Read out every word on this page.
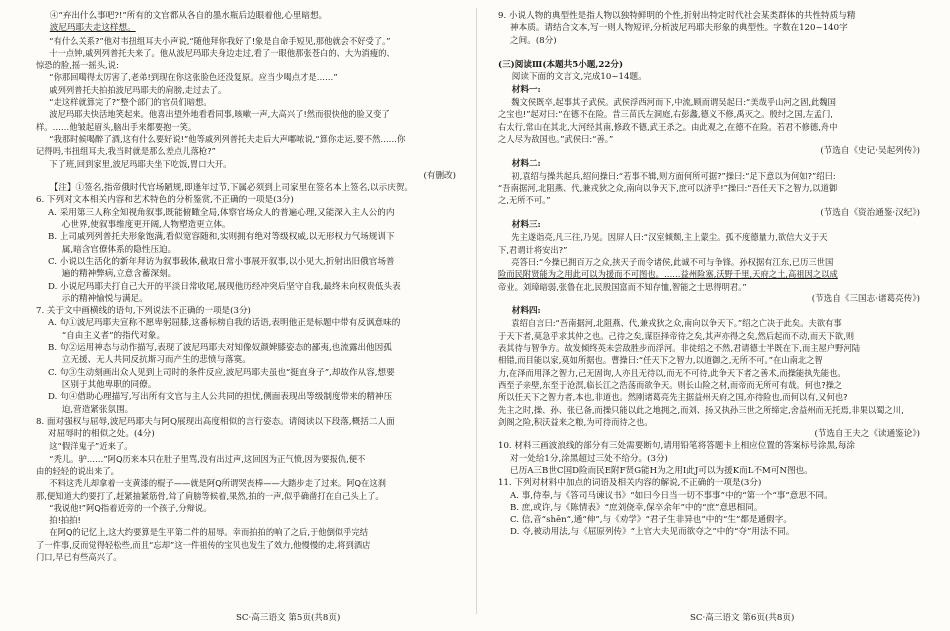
④“弃出什么事吧?!”所有的文官都从各自的墨水瓶后边眼着他,心里暗想。

波尼玛耶夫走这样想。

“有什么关系?”他对韦扭组耳夫小声说,“随他拜你我好了!象是自命手短见,那他就会不好受了。”

十一点钟,戚列列普托夫来了。他从波尼玛耶夫身边走过,看了一眼他那张苍白的、大为消瘦的、

惊恐的脸,摇一摇头,说:

“你那回噶得太厉害了,老弟!到现在你这张脸色还没复原。应当少喝点才是……”

戚列列普托夫拍拍波尼玛耶夫的肩膀,走过去了。

“走这样就算完了?”整个部门的官员们暗想。

波尼玛耶夫快活地笑起来。他喜出望外地看看同事,咳嗽一声,大高兴了!然而很快他的脸又变了

样。……他皱起眉头,脑出手来都要抱一笑。

“我那时候喝醉了酒,这有什么要好说!”他等戚列列普托夫走后大声嘟哝说,“算你走运,要不然……你

记得吗,韦扭组耳夫,我当时就是那么差点儿落枪?”

下了班,回到家里,波尼玛耶夫坐下吃饭,胃口大开。

(有删改)

【注】①签名,指帝俄时代官场陋规,即逢年过节,下属必须到上司家里在签名本上签名,以示庆贺。

6. 下列对文本相关内容和艺术特色的分析鉴赏,不正确的一项是(3分)

A. 采用第三人称全知视角叙事,既能俯瞰全局,体察官场众人的普遍心理,又能深入主人公的内

心世界,使叙事维度更开阔,人物塑造更立体。

B. 上司戚列列普托夫形象饱满,看似宽容随和,实则拥有绝对等级权威,以无形权力气场规训下

属,暗含官僚体系的隐性压迫。

C. 小说以生活化的新年拜访为叙事载体,截取日常小事展开叙事,以小见大,折射出旧俄官场普

遍的精神弊病,立意含蓄深刻。

D. 小说尼玛耶夫打自己大开的平淡日常收尾,展现他历经冲突后坚守自我,最终未向权贵低头表

示的精神愉悦与满足。

7. 关于文中画横线的语句,下列说法不正确的一项是(3分)

A. 句①波尼玛耶夫宣称不愿卑躬屈膝,这番标榜自我的话语,表明他正是标题中带有反讽意味的

“自由主义者”的指代对象。

B. 句②运用神态与动作描写,表现了波尼玛耶夫对知像奴颜婢膝姿态的鄙夷,也流露出他因孤

立无援、无人共同反抗斯习而产生的悲愤与落寞。

C. 句③生动刻画出众人见到上司时的条件反应,波尼玛耶夫虽也“挺直身子”,却故作从容,想要

区别于其他卑职的同僚。

D. 句④借助心理描写,写出所有文官与主人公共同的担忧,侧面表现出等级制度带来的精神压

迫,营造紧张氛围。

8. 面对强权与屈辱,波尼玛耶夫与阿Q展现出高度相似的言行姿态。请阅读以下段落,概括二人面

对屈辱时的相似之处。(4分)

这“假洋鬼子”近来了。

“秃儿。驴……”阿Q历来本只在肚子里骂,没有出过声,这回因为正气愤,因为要报仇,便不

由的轻轻的说出来了。

不料这秃儿却拿着一支黄漆的棍子——就是阿Q所谓哭丧棒——大踏步走了过来。阿Q在这刹

那,便知道大约要打了,赶紧抽紧筋骨,耸了肩膀等候着,果然,拍的一声,似乎确凿打在自己头上了。

“我说他!”阿Q指着近旁的一个孩子,分辩说。

拍!拍拍!

在阿Q的记忆上,这大约要算是生平第二件的屈辱。幸而拍拍的响了之后,于他倒似乎完结

了一件事,反而觉得轻松些,而且“忘却”这一件祖传的宝贝也发生了效力,他慢慢的走,将到酒店

门口,早已有些高兴了。

9. 小说人物的典型性是指人物以独特鲜明的个性,折射出特定时代社会某类群体的共性特质与精

神本质。请结合文本,写一则人物短评,分析波尼玛耶夫形象的典型性。字数在120~140字

之间。(8分)

(三)阅读Ⅲ(本题共5小题,22分)

阅读下面的文言文,完成10~14题。

材料一:

魏文侯既卒,起事其子武侯。武侯浮西河而下,中流,顾而谓吴起曰:“美哉乎山河之固,此魏国

之宝也!”起对曰:“在德不在险。昔三苗氏左洞庭,右彭蠡,德义不修,禹灭之。殷纣之国,左孟门,

右太行,常山在其北,大河经其南,修政不德,武王杀之。由此观之,在德不在险。若君不修德,舟中

之人尽为敌国也。”武侯曰:“善。”

(节选自《史记·吴起列传》)

材料二:

初,袁绍与操共起兵,绍问操曰:“若事不辑,则方面何所可据?”操曰:“足下意以为何如?”绍曰:

“吾南据河,北阻燕、代,兼戎狄之众,南向以争天下,庶可以济乎!”操曰:“吾任天下之智力,以道御

之,无所不可。”

(节选自《资治通鉴·汉纪》)

材料三:

先主遂诣亮,凡三往,乃见。因屏人曰:“汉室倾颓,主上蒙尘。孤不度德量力,欲信大义于天

下,君谓计将安出?”

亮答曰:“今操已拥百万之众,挟天子而令诸侯,此诚不可与争锋。孙权据有江东,已历三世国

险而民附贤能为之用此可以为援而不可图也。……益州险塞,沃野千里,天府之土,高祖因之以成

帝业。刘璋暗弱,张鲁在北,民殷国富而不知存恤,智能之士思得明君。”

(节选自《三国志·诸葛亮传》)

材料四:

袁绍自言曰:“吾南据河,北阻燕、代,兼戎狄之众,南向以争天下。”绍之亡决于此矣。夫欲有事

于天下者,莫急乎求其仲之也。己待之矣,谋臣择帝待之矣,其声亦得之矣,然后起而不动,而天下欲,则

表其待与智争方。故发倾终英未尝敌胜步而浮河。非徒绍之不然,君请德士半既在下,而主屋户野河陆

相错,而目能以家,莫如所据也。曹操曰:“任天下之智力,以道御之,无所不可。”在山南北之智

力,在泽而用泽之智力,己无固询,人亦且无待以,而无不可待,此争天下者之善术,而操能执先能也。

西至子亲壁,东至于沧溟,临长江之浩荡而欲争天。则长山险之材,而帝而无所可有哉。何也?操之

所以任天下之智力者,本也,非道也。然刚诸葛亮先主据益州天府之国,亦待险也,而何以有,又何也?

先主之时,操、孙、张已备,而操只能以此之地拥之,而刘、扬又执孙三世之所缔定,舍益州而无托焉,非果以蜀之川,

剑阁之险,积沃益来之粮,为可待而待之也。

(节选自王夫之《读通鉴论》)

10. 材料三画波浪线的部分有三处需要断句,请用铅笔将答题卡上相应位置的答案标号涂黑,每涂

对一处给1分,涂黑超过三处不给分。(3分)

已历A三B世C国D险而民E附F贤G能H为之用I此J可以为援K而L不M可N图也。

11. 下列对材料中加点的词语及相关内容的解说,不正确的一项是(3分)

A. 事,侍奉,与《答司马谏议书》“如曰今日当一切不事事”中的“第一个“事”意思不同。

B. 庶,或许,与《陈情表》“庶刘侥幸,保卒余年”中的“庶”意思相同。

C. 信,音“shēn”,通“伸”,与《劝学》“君子生非异也”中的“生”都是通假字。

D. 夺,被动用法,与《屈原列传》“上官大夫见而欲夺之”中的“夺”用法不同。

SC·高三语文 第5页(共8页)	SC·高三语文 第6页(共8页)
